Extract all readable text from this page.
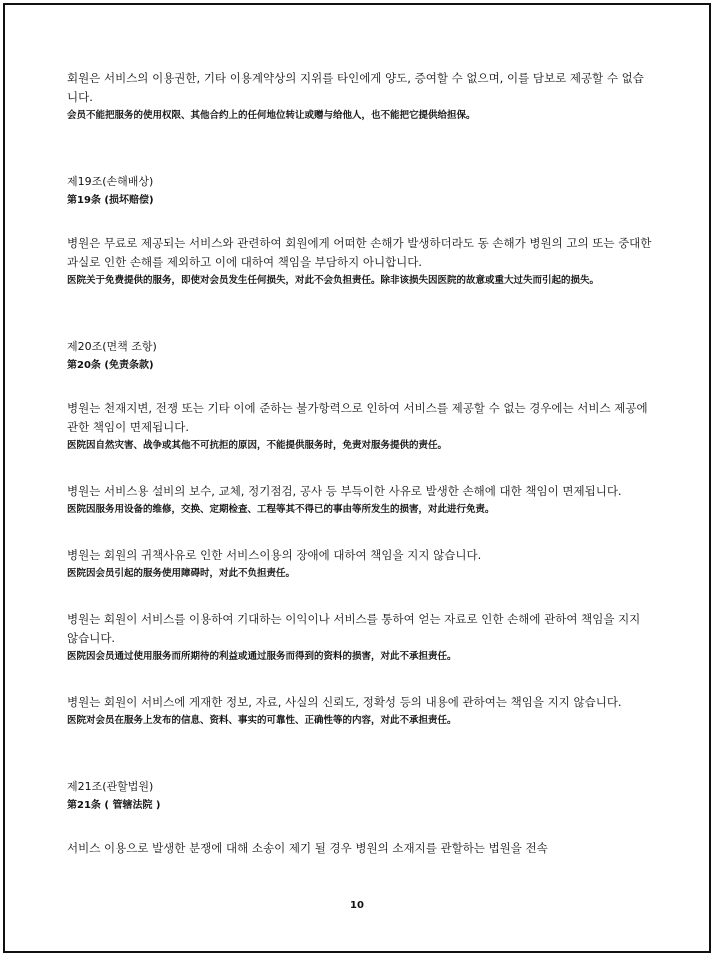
회원은 서비스의 이용권한, 기타 이용계약상의 지위를 타인에게 양도, 증여할 수 없으며, 이를 담보로 제공할 수 없습니다.

会员不能把服务的使用权限、其他合约上的任何地位转让或赠与给他人，也不能把它提供给担保。

제19조(손해배상)

第19条 (损坏赔偿)

병원은 무료로 제공되는 서비스와 관련하여 회원에게 어떠한 손해가 발생하더라도 동 손해가 병원의 고의 또는 중대한 과실로 인한 손해를 제외하고 이에 대하여 책임을 부담하지 아니합니다.

医院关于免费提供的服务，即使对会员发生任何损失，对此不会负担责任。除非该损失因医院的故意或重大过失而引起的损失。

제20조(면책 조항)

第20条 (免责条款)

병원는 천재지변, 전쟁 또는 기타 이에 준하는 불가항력으로 인하여 서비스를 제공할 수 없는 경우에는 서비스 제공에 관한 책임이 면제됩니다.

医院因自然灾害、战争或其他不可抗拒的原因，不能提供服务时，免责对服务提供的责任。

병원는 서비스용 설비의 보수, 교체, 정기점검, 공사 등 부득이한 사유로 발생한 손해에 대한 책임이 면제됩니다.

医院因服务用设备的维修，交换、定期检查、工程等其不得已的事由等所发生的损害，对此进行免责。

병원는 회원의 귀책사유로 인한 서비스이용의 장애에 대하여 책임을 지지 않습니다.

医院因会员引起的服务使用障碍时，对此不负担责任。

병원는 회원이 서비스를 이용하여 기대하는 이익이나 서비스를 통하여 얻는 자료로 인한 손해에 관하여 책임을 지지 않습니다.

医院因会员通过使用服务而所期待的利益或通过服务而得到的资料的损害，对此不承担责任。

병원는 회원이 서비스에 게재한 정보, 자료, 사실의 신뢰도, 정확성 등의 내용에 관하여는 책임을 지지 않습니다.

医院对会员在服务上发布的信息、资料、事实的可靠性、正确性等的内容，对此不承担责任。

제21조(관할법원)

第21条 ( 管辖法院 )

서비스 이용으로 발생한 분쟁에 대해 소송이 제기 될 경우 병원의 소재지를 관할하는 법원을 전속

10
